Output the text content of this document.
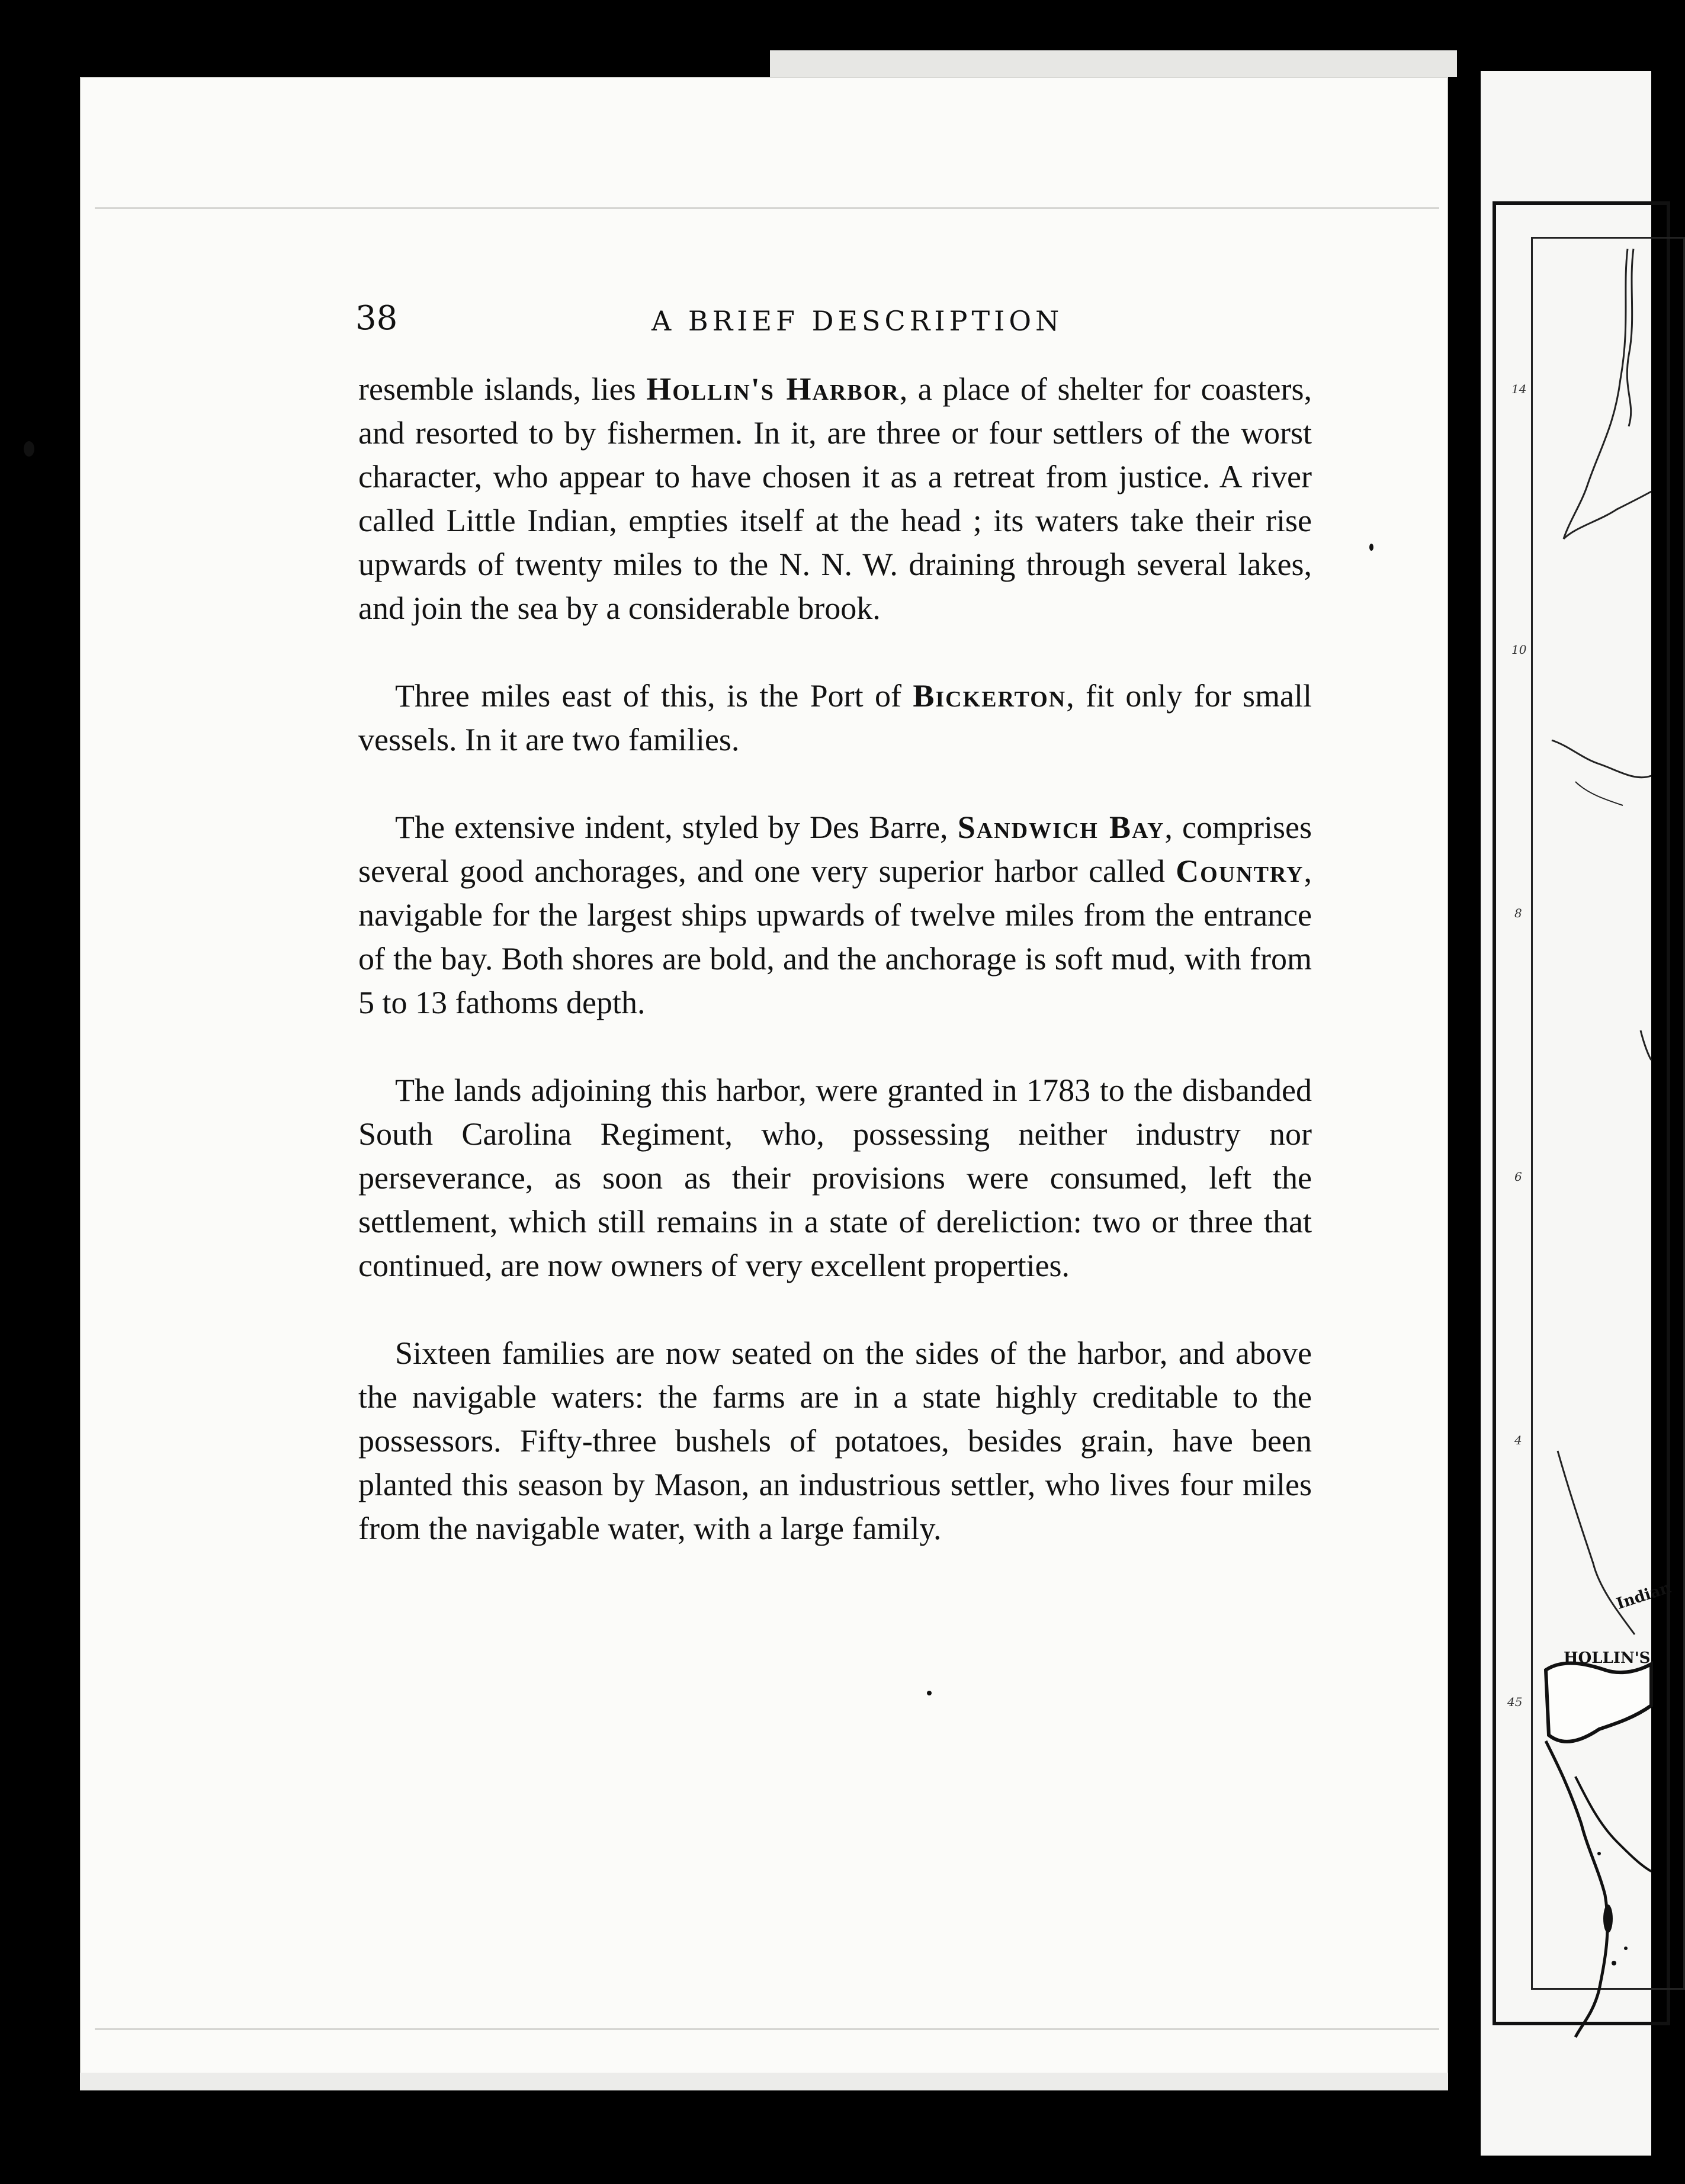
Indian
HOLLIN'S
14
10
8
6
4
45
38	A BRIEF DESCRIPTION

resemble islands, lies Hollin's Harbor, a place of shelter for coasters, and resorted to by fishermen. In it, are three or four settlers of the worst character, who appear to have chosen it as a retreat from justice. A river called Little Indian, empties itself at the head ; its waters take their rise upwards of twenty miles to the N. N. W. draining through several lakes, and join the sea by a considerable brook.

Three miles east of this, is the Port of Bickerton, fit only for small vessels. In it are two families.

The extensive indent, styled by Des Barre, Sandwich Bay, comprises several good anchorages, and one very superior harbor called Country, navigable for the largest ships upwards of twelve miles from the entrance of the bay. Both shores are bold, and the anchorage is soft mud, with from 5 to 13 fathoms depth.

The lands adjoining this harbor, were granted in 1783 to the disbanded South Carolina Regiment, who, possessing neither industry nor perseverance, as soon as their provisions were consumed, left the settlement, which still remains in a state of dereliction: two or three that continued, are now owners of very excellent properties.

Sixteen families are now seated on the sides of the harbor, and above the navigable waters: the farms are in a state highly creditable to the possessors. Fifty-three bushels of potatoes, besides grain, have been planted this season by Mason, an industrious settler, who lives four miles from the navigable water, with a large family.
